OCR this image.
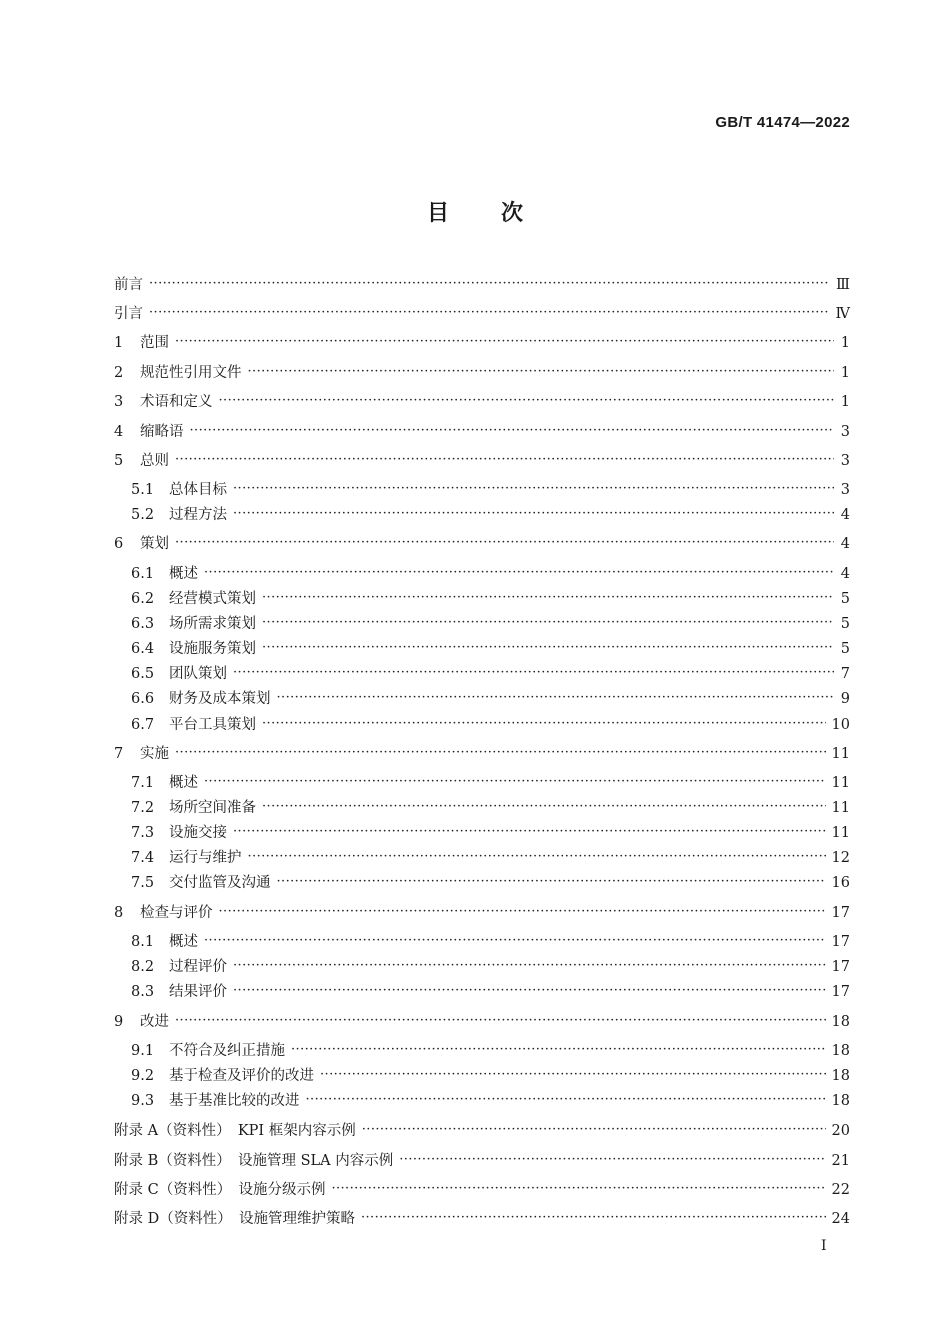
GB/T 41474—2022
目 次
前言 ·····	Ⅲ
引言 ·····	Ⅳ
1	范围 ·····	1
2	规范性引用文件 ·····	1
3	术语和定义 ·····	1
4	缩略语 ·····	3
5	总则 ·····	3
5.1	总体目标 ·····	3
5.2	过程方法 ·····	4
6	策划 ·····	4
6.1	概述 ·····	4
6.2	经营模式策划 ·····	5
6.3	场所需求策划 ·····	5
6.4	设施服务策划 ·····	5
6.5	团队策划 ·····	7
6.6	财务及成本策划 ·····	9
6.7	平台工具策划 ·····	10
7	实施 ·····	11
7.1	概述 ·····	11
7.2	场所空间准备 ·····	11
7.3	设施交接 ·····	11
7.4	运行与维护 ·····	12
7.5	交付监管及沟通 ·····	16
8	检查与评价 ·····	17
8.1	概述 ·····	17
8.2	过程评价 ·····	17
8.3	结果评价 ·····	17
9	改进 ·····	18
9.1	不符合及纠正措施 ·····	18
9.2	基于检查及评价的改进 ·····	18
9.3	基于基准比较的改进 ·····	18
附录 A（资料性）　KPI 框架内容示例 ·····	20
附录 B（资料性）　设施管理 SLA 内容示例 ·····	21
附录 C（资料性）　设施分级示例 ·····	22
附录 D（资料性）　设施管理维护策略 ·····	24
Ⅰ
